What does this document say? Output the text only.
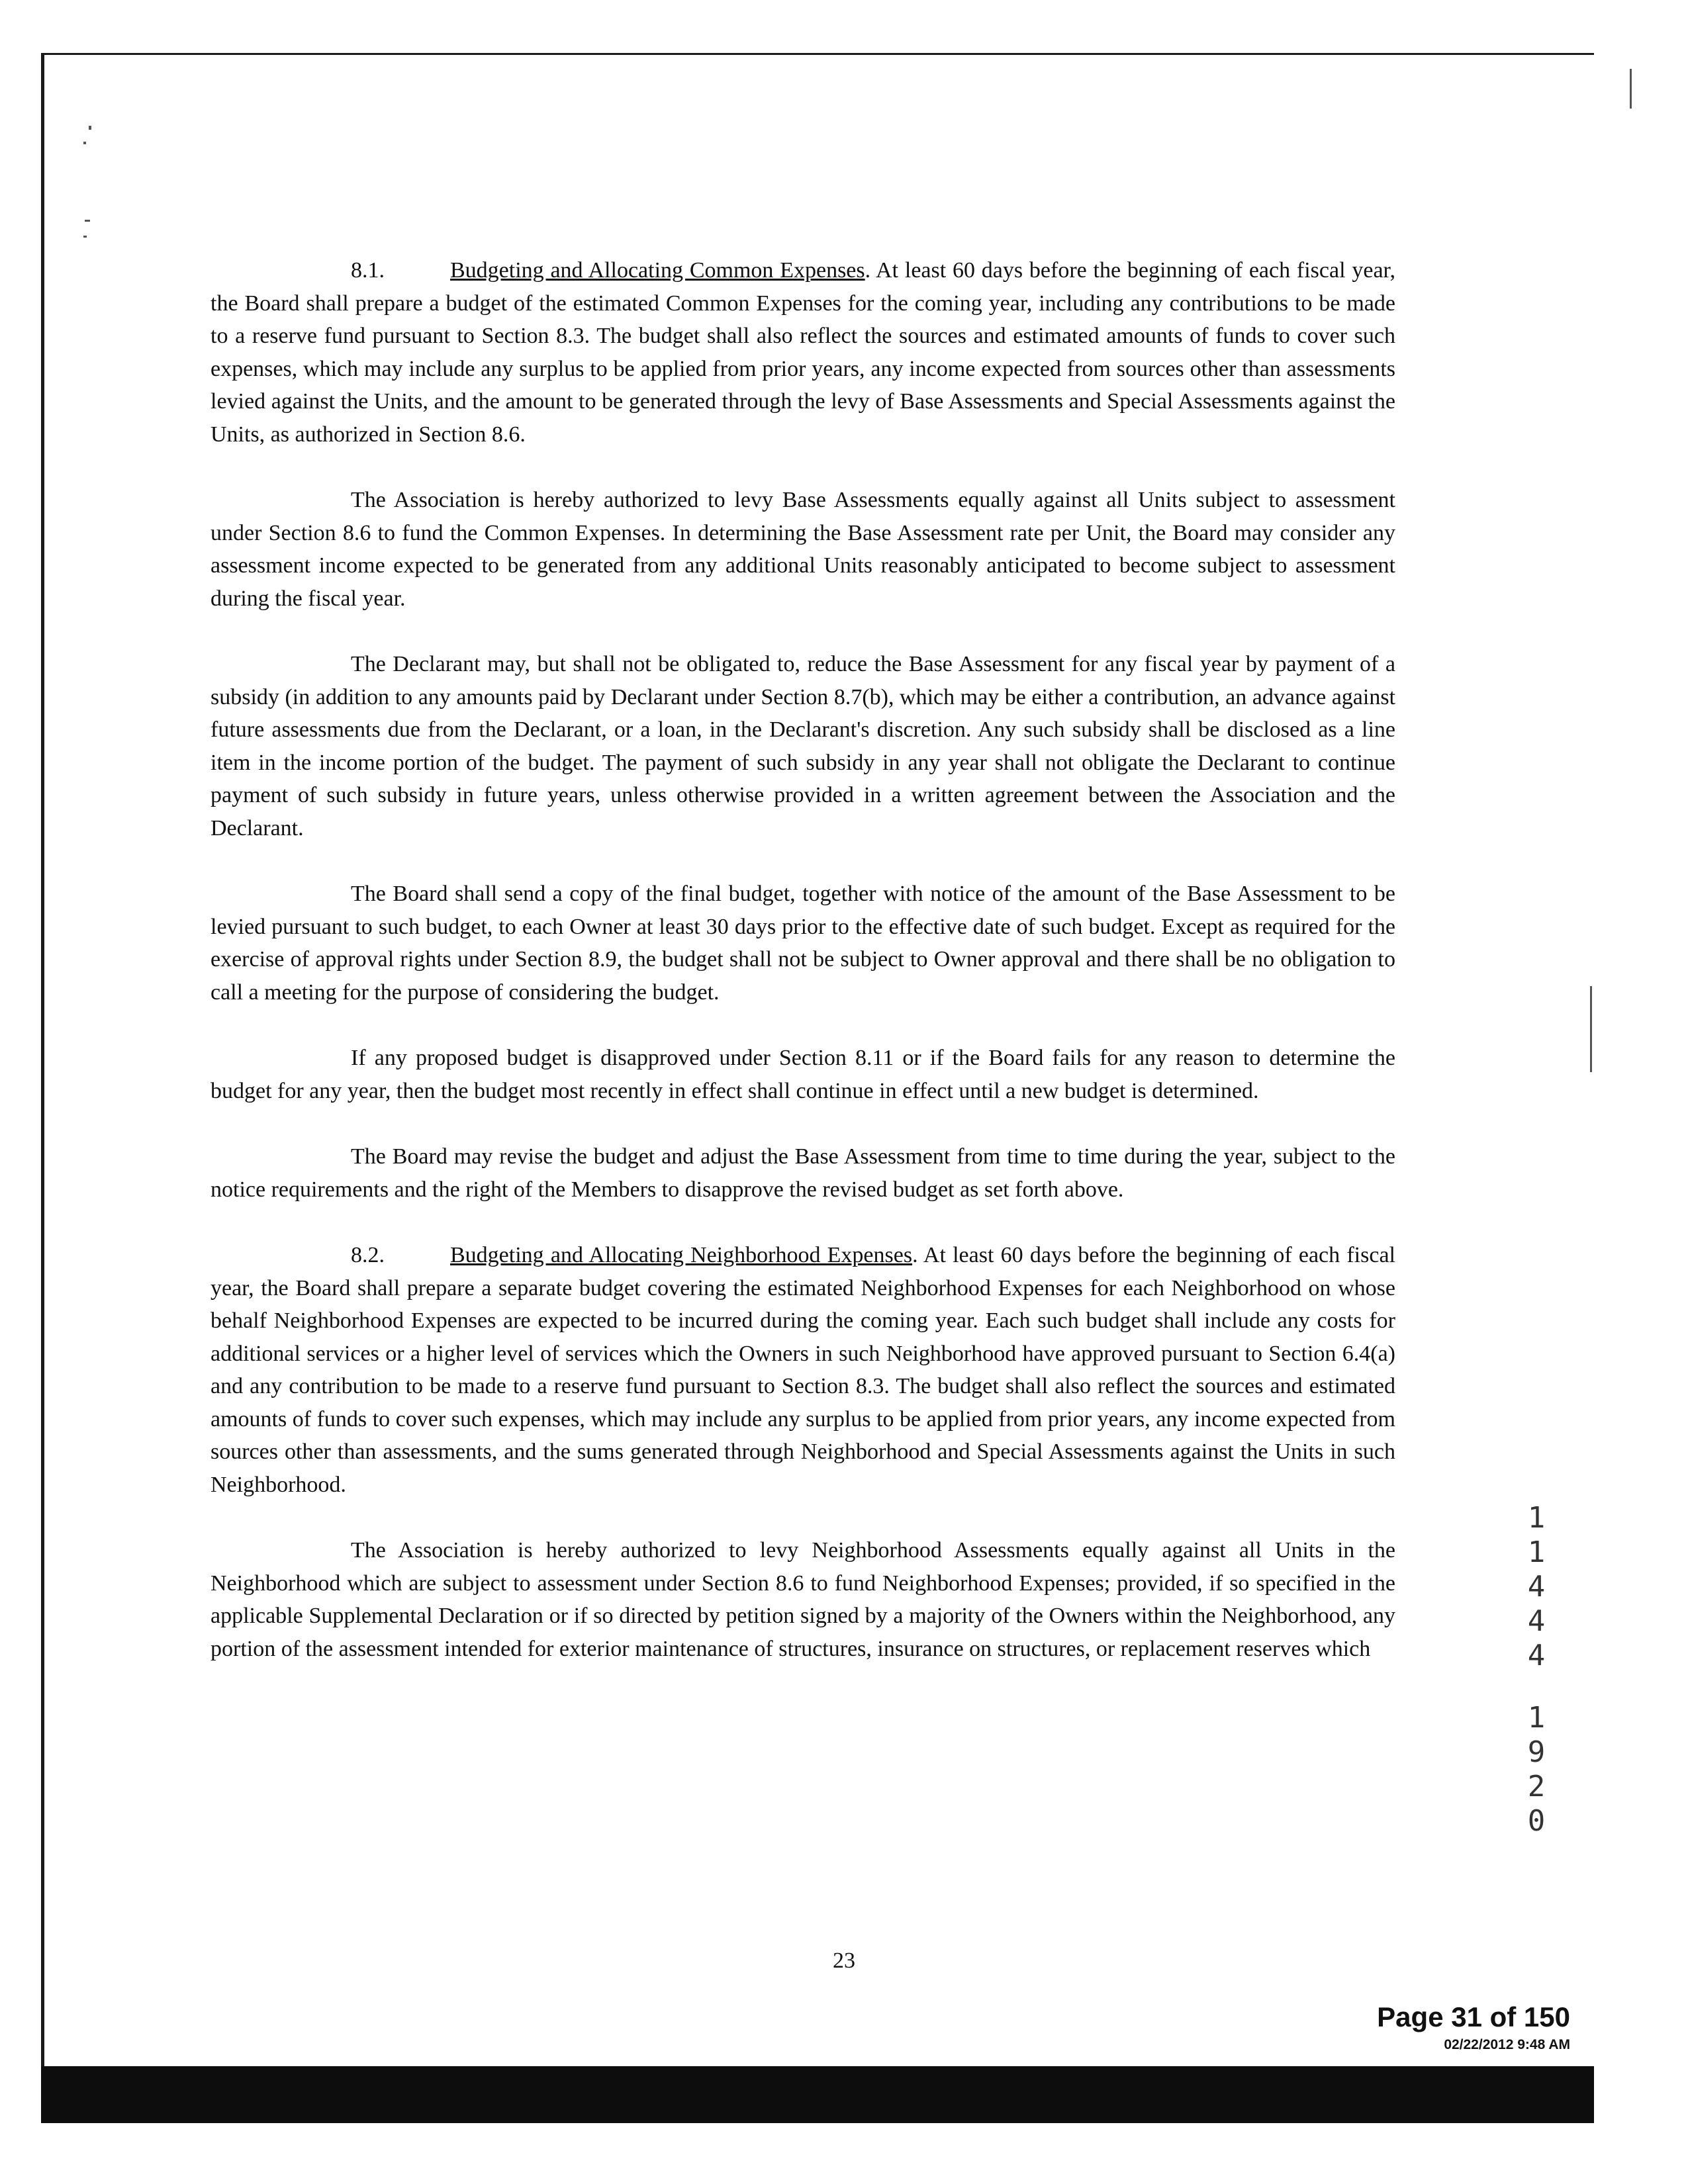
8.1.	Budgeting and Allocating Common Expenses. At least 60 days before the beginning of each fiscal year, the Board shall prepare a budget of the estimated Common Expenses for the coming year, including any contributions to be made to a reserve fund pursuant to Section 8.3. The budget shall also reflect the sources and estimated amounts of funds to cover such expenses, which may include any surplus to be applied from prior years, any income expected from sources other than assessments levied against the Units, and the amount to be generated through the levy of Base Assessments and Special Assessments against the Units, as authorized in Section 8.6.

The Association is hereby authorized to levy Base Assessments equally against all Units subject to assessment under Section 8.6 to fund the Common Expenses. In determining the Base Assessment rate per Unit, the Board may consider any assessment income expected to be generated from any additional Units reasonably anticipated to become subject to assessment during the fiscal year.

The Declarant may, but shall not be obligated to, reduce the Base Assessment for any fiscal year by payment of a subsidy (in addition to any amounts paid by Declarant under Section 8.7(b), which may be either a contribution, an advance against future assessments due from the Declarant, or a loan, in the Declarant's discretion. Any such subsidy shall be disclosed as a line item in the income portion of the budget. The payment of such subsidy in any year shall not obligate the Declarant to continue payment of such subsidy in future years, unless otherwise provided in a written agreement between the Association and the Declarant.

The Board shall send a copy of the final budget, together with notice of the amount of the Base Assessment to be levied pursuant to such budget, to each Owner at least 30 days prior to the effective date of such budget. Except as required for the exercise of approval rights under Section 8.9, the budget shall not be subject to Owner approval and there shall be no obligation to call a meeting for the purpose of considering the budget.

If any proposed budget is disapproved under Section 8.11 or if the Board fails for any reason to determine the budget for any year, then the budget most recently in effect shall continue in effect until a new budget is determined.

The Board may revise the budget and adjust the Base Assessment from time to time during the year, subject to the notice requirements and the right of the Members to disapprove the revised budget as set forth above.

8.2.	Budgeting and Allocating Neighborhood Expenses. At least 60 days before the beginning of each fiscal year, the Board shall prepare a separate budget covering the estimated Neighborhood Expenses for each Neighborhood on whose behalf Neighborhood Expenses are expected to be incurred during the coming year. Each such budget shall include any costs for additional services or a higher level of services which the Owners in such Neighborhood have approved pursuant to Section 6.4(a) and any contribution to be made to a reserve fund pursuant to Section 8.3. The budget shall also reflect the sources and estimated amounts of funds to cover such expenses, which may include any surplus to be applied from prior years, any income expected from sources other than assessments, and the sums generated through Neighborhood and Special Assessments against the Units in such Neighborhood.

The Association is hereby authorized to levy Neighborhood Assessments equally against all Units in the Neighborhood which are subject to assessment under Section 8.6 to fund Neighborhood Expenses; provided, if so specified in the applicable Supplemental Declaration or if so directed by petition signed by a majority of the Owners within the Neighborhood, any portion of the assessment intended for exterior maintenance of structures, insurance on structures, or replacement reserves which

1
1
4
4
4
1
9
2
0
23
Page 31 of 150
02/22/2012 9:48 AM
